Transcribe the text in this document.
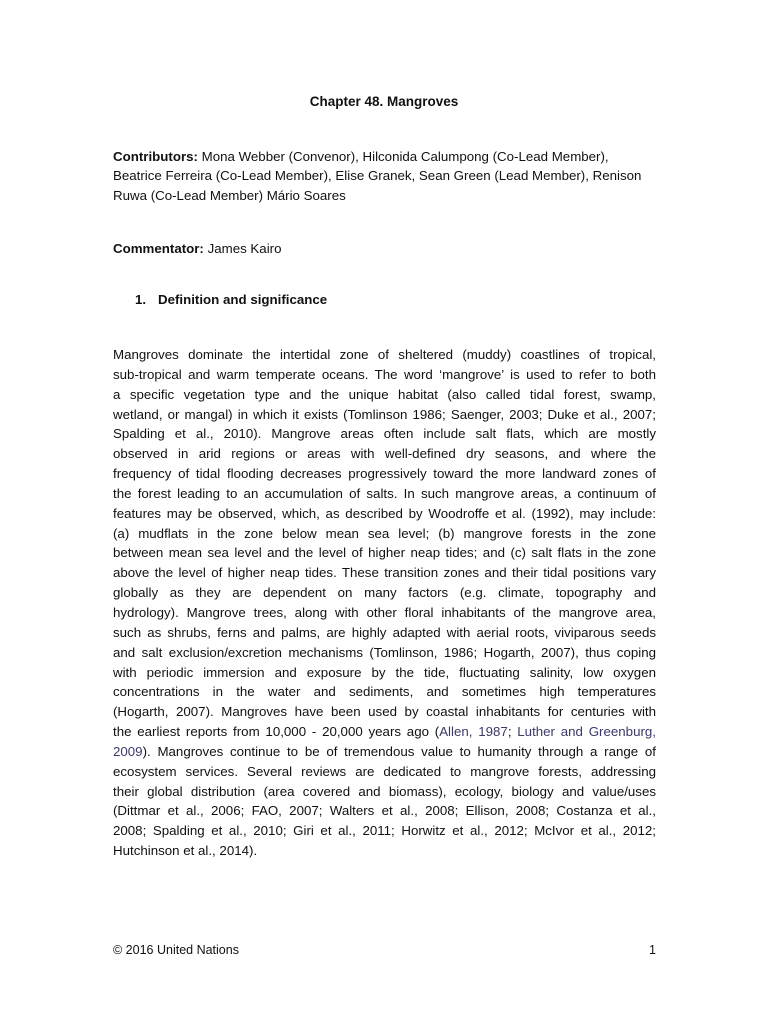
Chapter 48. Mangroves
Contributors: Mona Webber (Convenor), Hilconida Calumpong (Co-Lead Member),
Beatrice Ferreira (Co-Lead Member), Elise Granek, Sean Green (Lead Member), Renison
Ruwa (Co-Lead Member) Mário Soares
Commentator: James Kairo
1. Definition and significance
Mangroves dominate the intertidal zone of sheltered (muddy) coastlines of tropical,
sub-tropical and warm temperate oceans. The word ‘mangrove’ is used to refer to both
a specific vegetation type and the unique habitat (also called tidal forest, swamp,
wetland, or mangal) in which it exists (Tomlinson 1986; Saenger, 2003; Duke et al., 2007;
Spalding et al., 2010). Mangrove areas often include salt flats, which are mostly
observed in arid regions or areas with well-defined dry seasons, and where the
frequency of tidal flooding decreases progressively toward the more landward zones of
the forest leading to an accumulation of salts. In such mangrove areas, a continuum of
features may be observed, which, as described by Woodroffe et al. (1992), may include:
(a) mudflats in the zone below mean sea level; (b) mangrove forests in the zone
between mean sea level and the level of higher neap tides; and (c) salt flats in the zone
above the level of higher neap tides. These transition zones and their tidal positions vary
globally as they are dependent on many factors (e.g. climate, topography and
hydrology). Mangrove trees, along with other floral inhabitants of the mangrove area,
such as shrubs, ferns and palms, are highly adapted with aerial roots, viviparous seeds
and salt exclusion/excretion mechanisms (Tomlinson, 1986; Hogarth, 2007), thus coping
with periodic immersion and exposure by the tide, fluctuating salinity, low oxygen
concentrations in the water and sediments, and sometimes high temperatures
(Hogarth, 2007). Mangroves have been used by coastal inhabitants for centuries with
the earliest reports from 10,000 - 20,000 years ago (Allen, 1987; Luther and Greenburg,
2009). Mangroves continue to be of tremendous value to humanity through a range of
ecosystem services. Several reviews are dedicated to mangrove forests, addressing
their global distribution (area covered and biomass), ecology, biology and value/uses
(Dittmar et al., 2006; FAO, 2007; Walters et al., 2008; Ellison, 2008; Costanza et al.,
2008; Spalding et al., 2010; Giri et al., 2011; Horwitz et al., 2012; McIvor et al., 2012;
Hutchinson et al., 2014).
© 2016 United Nations	1
